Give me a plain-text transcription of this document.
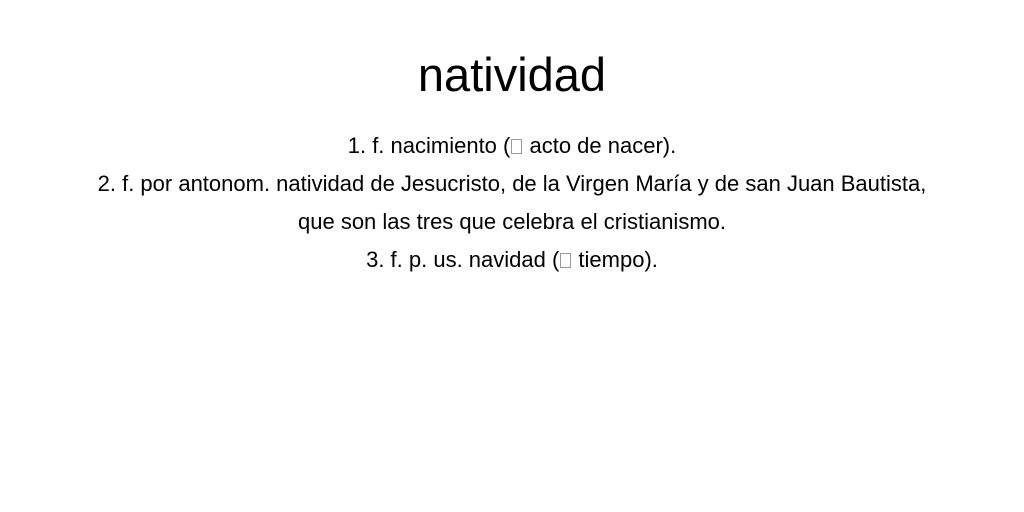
natividad
1. f. nacimiento ( acto de nacer).
2. f. por antonom. natividad de Jesucristo, de la Virgen María y de san Juan Bautista, que son las tres que celebra el cristianismo.
3. f. p. us. navidad ( tiempo).
